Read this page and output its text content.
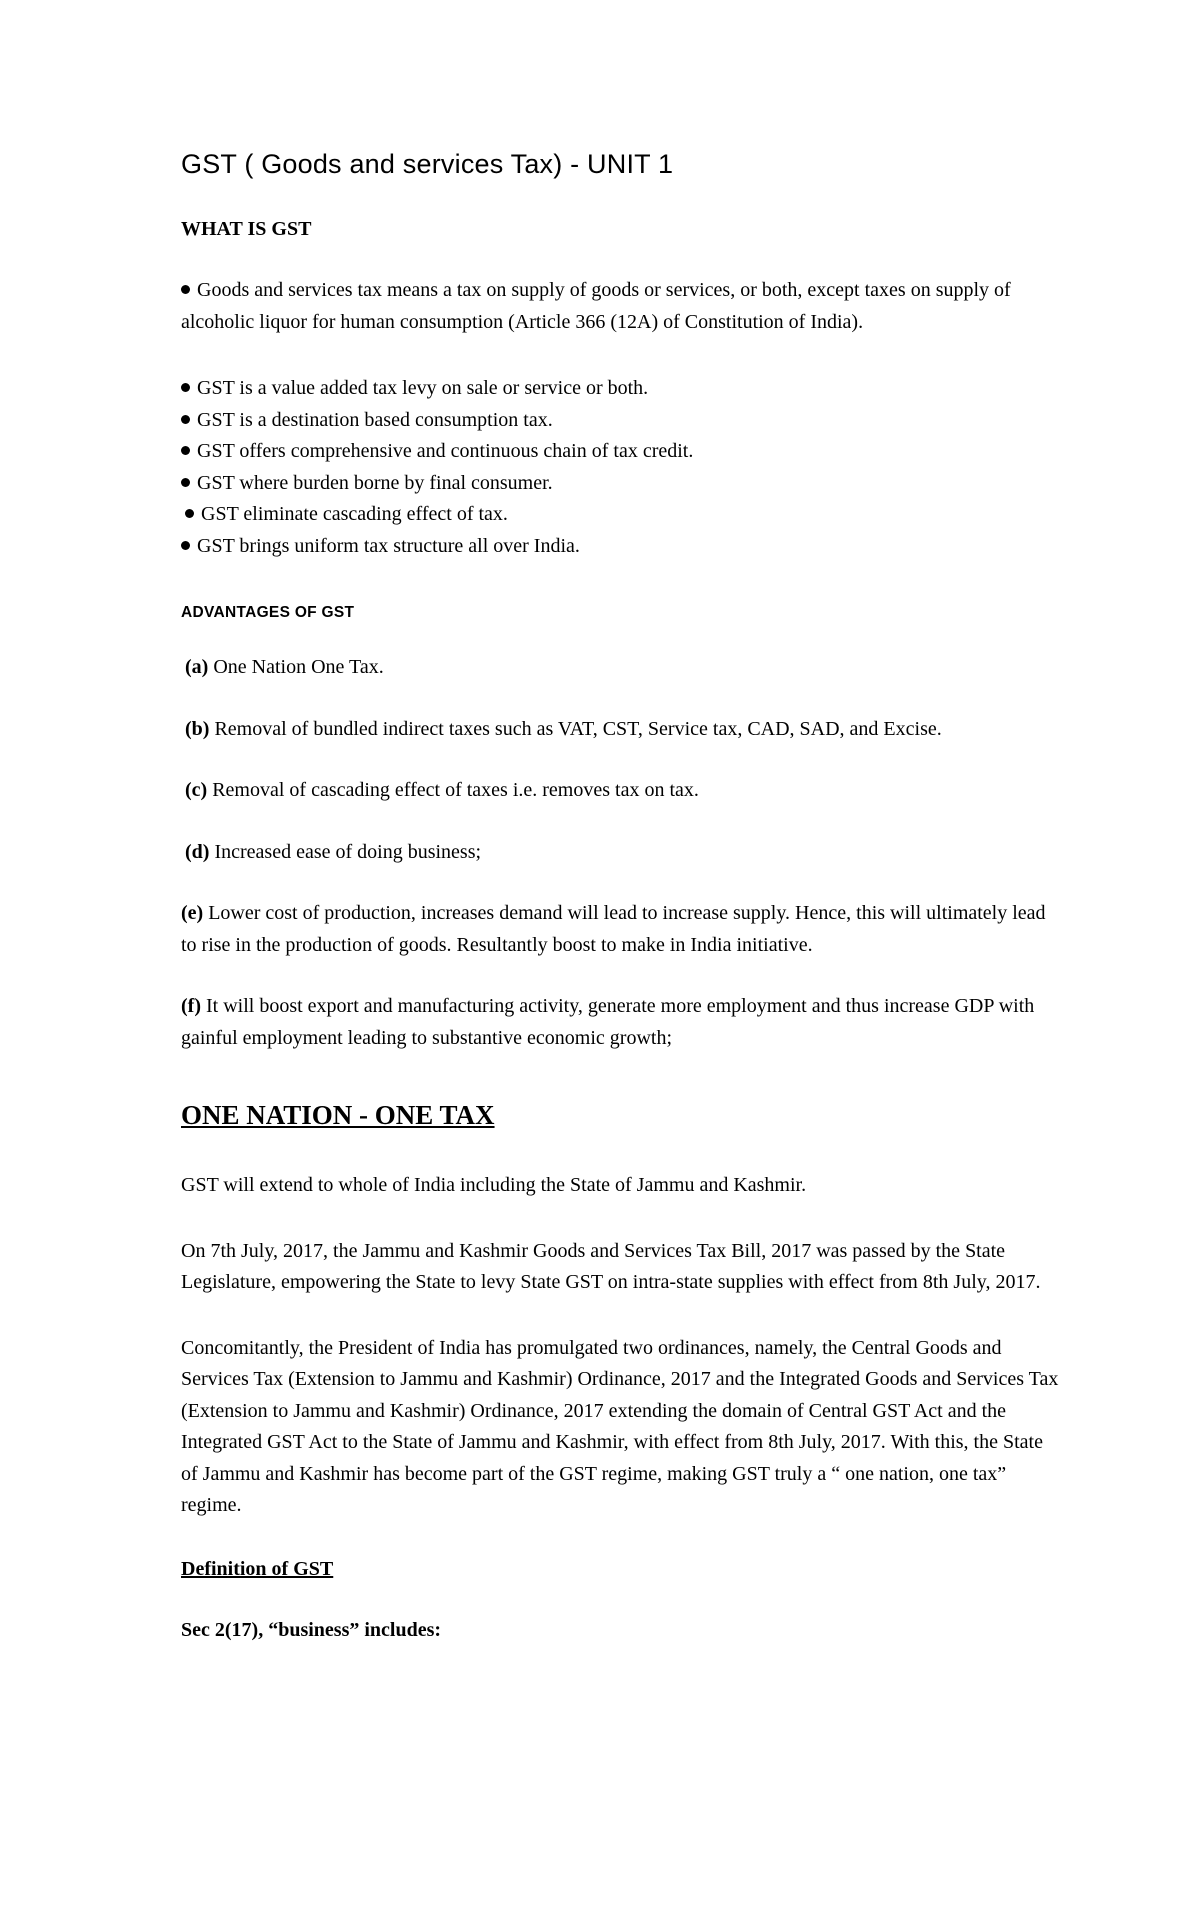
GST ( Goods and services Tax) - UNIT 1
WHAT IS GST

Goods and services tax means a tax on supply of goods or services, or both, except taxes on supply of alcoholic liquor for human consumption (Article 366 (12A) of Constitution of India).

GST is a value added tax levy on sale or service or both.

GST is a destination based consumption tax.

GST offers comprehensive and continuous chain of tax credit.

GST where burden borne by final consumer.

GST eliminate cascading effect of tax.

GST brings uniform tax structure all over India.

ADVANTAGES OF GST

(a) One Nation One Tax.

(b) Removal of bundled indirect taxes such as VAT, CST, Service tax, CAD, SAD, and Excise.

(c) Removal of cascading effect of taxes i.e. removes tax on tax.

(d) Increased ease of doing business;

(e) Lower cost of production, increases demand will lead to increase supply. Hence, this will ultimately lead to rise in the production of goods. Resultantly boost to make in India initiative.

(f) It will boost export and manufacturing activity, generate more employment and thus increase GDP with gainful employment leading to substantive economic growth;

ONE NATION - ONE TAX

GST will extend to whole of India including the State of Jammu and Kashmir.

On 7th July, 2017, the Jammu and Kashmir Goods and Services Tax Bill, 2017 was passed by the State Legislature, empowering the State to levy State GST on intra-state supplies with effect from 8th July, 2017.

Concomitantly, the President of India has promulgated two ordinances, namely, the Central Goods and Services Tax (Extension to Jammu and Kashmir) Ordinance, 2017 and the Integrated Goods and Services Tax (Extension to Jammu and Kashmir) Ordinance, 2017 extending the domain of Central GST Act and the Integrated GST Act to the State of Jammu and Kashmir, with effect from 8th July, 2017. With this, the State of Jammu and Kashmir has become part of the GST regime, making GST truly a “ one nation, one tax” regime.

Definition of GST
Sec 2(17), “business” includes:
